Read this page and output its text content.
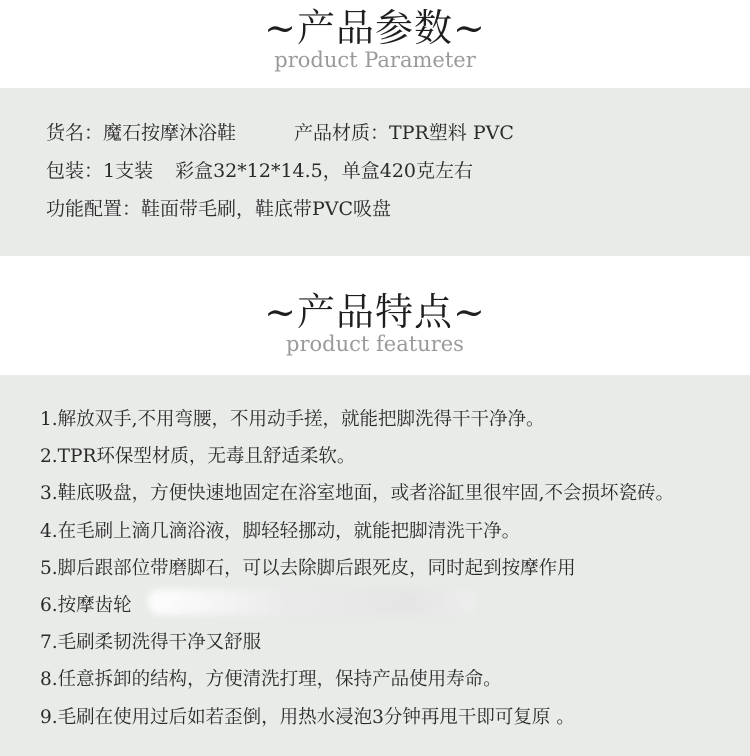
~产品参数~
product Parameter
货名：魔石按摩沐浴鞋	产品材质：TPR塑料 PVC
包装：1支装 彩盒32*12*14.5，单盒420克左右
功能配置：鞋面带毛刷，鞋底带PVC吸盘
~产品特点~
product features
1.解放双手,不用弯腰，不用动手搓，就能把脚洗得干干净净。
2.TPR环保型材质，无毒且舒适柔软。
3.鞋底吸盘，方便快速地固定在浴室地面，或者浴缸里很牢固,不会损坏瓷砖。
4.在毛刷上滴几滴浴液，脚轻轻挪动，就能把脚清洗干净。
5.脚后跟部位带磨脚石，可以去除脚后跟死皮，同时起到按摩作用
6.按摩齿轮
7.毛刷柔韧洗得干净又舒服
8.任意拆卸的结构，方便清洗打理，保持产品使用寿命。
9.毛刷在使用过后如若歪倒，用热水浸泡3分钟再甩干即可复原 。
